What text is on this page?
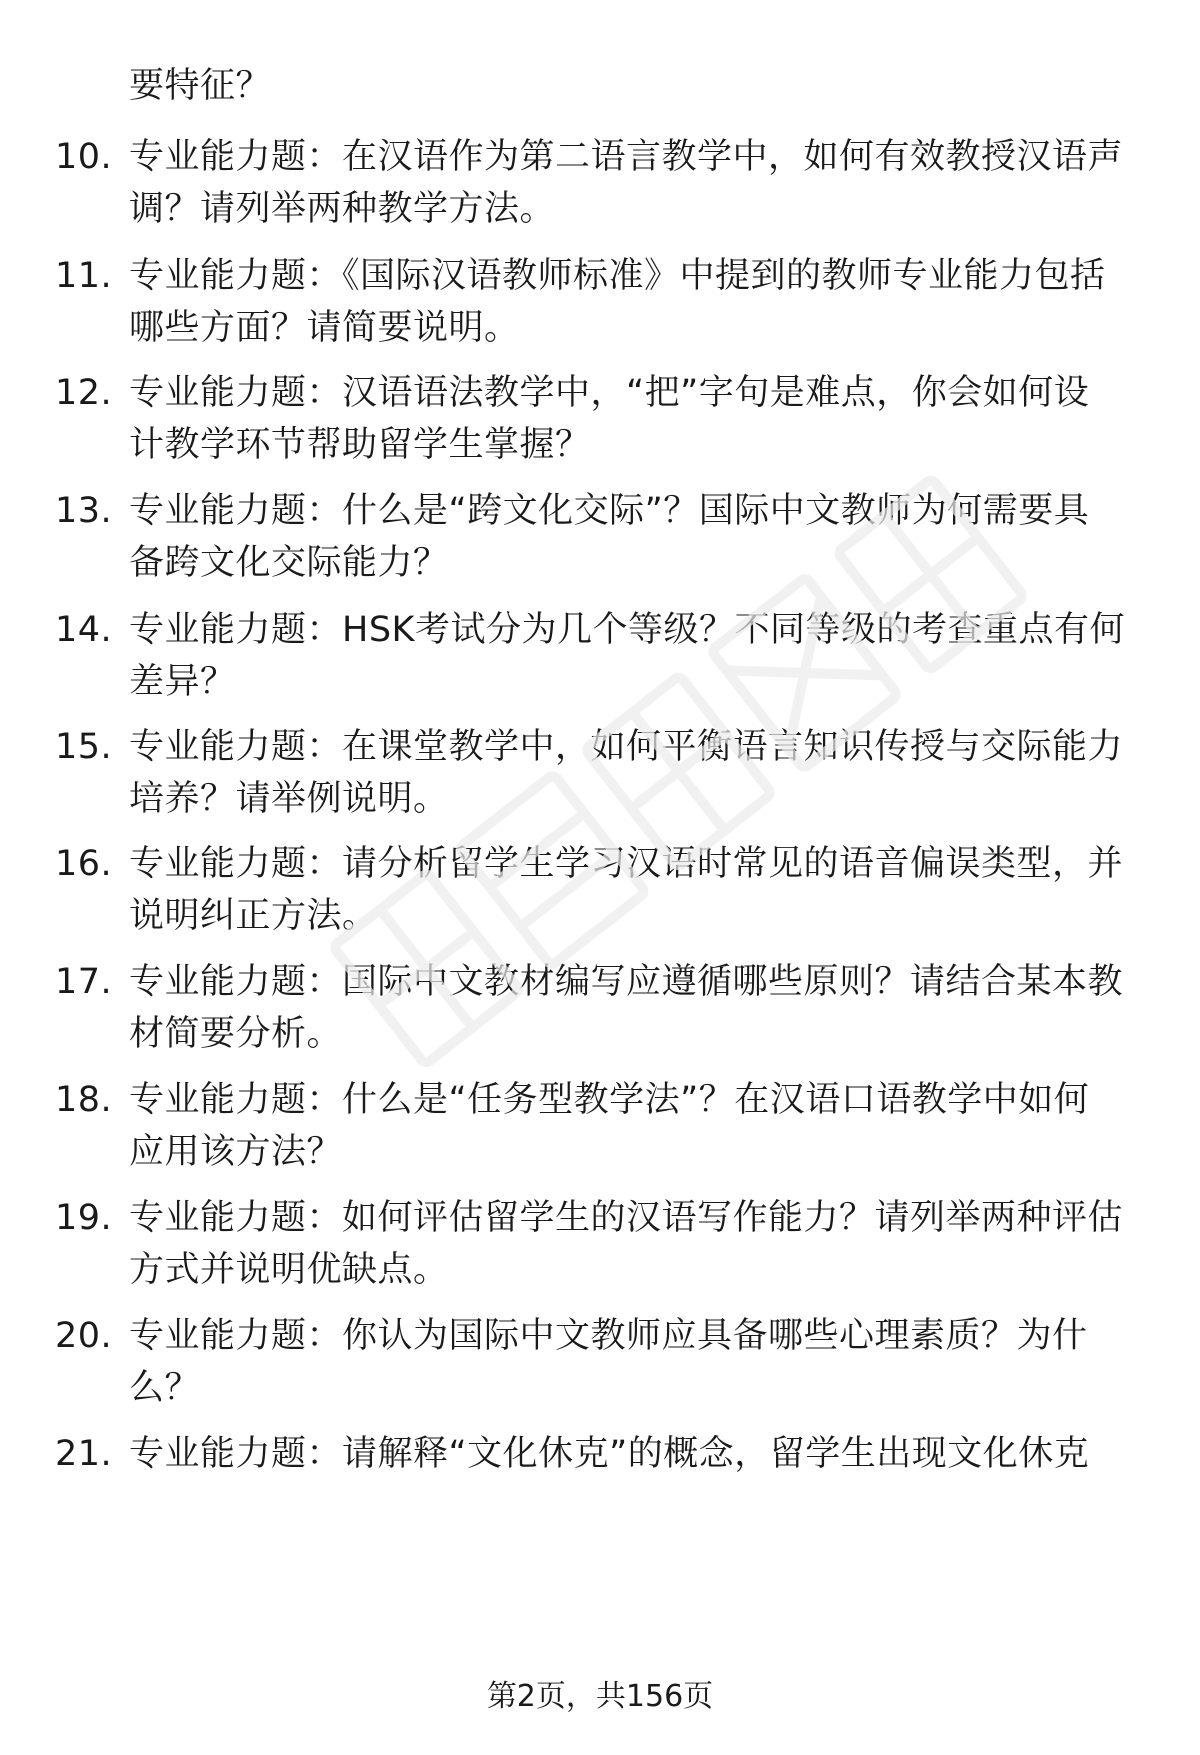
要特征？
10. 专业能力题：在汉语作为第二语言教学中，如何有效教授汉语声
调？请列举两种教学方法。
11. 专业能力题：《国际汉语教师标准》中提到的教师专业能力包括
哪些方面？请简要说明。
12. 专业能力题：汉语语法教学中，“把”字句是难点，你会如何设
计教学环节帮助留学生掌握？
13. 专业能力题：什么是“跨文化交际”？国际中文教师为何需要具
备跨文化交际能力？
14. 专业能力题：HSK考试分为几个等级？不同等级的考查重点有何
差异？
15. 专业能力题：在课堂教学中，如何平衡语言知识传授与交际能力
培养？请举例说明。
16. 专业能力题：请分析留学生学习汉语时常见的语音偏误类型，并
说明纠正方法。
17. 专业能力题：国际中文教材编写应遵循哪些原则？请结合某本教
材简要分析。
18. 专业能力题：什么是“任务型教学法”？在汉语口语教学中如何
应用该方法？
19. 专业能力题：如何评估留学生的汉语写作能力？请列举两种评估
方式并说明优缺点。
20. 专业能力题：你认为国际中文教师应具备哪些心理素质？为什
么？
21. 专业能力题：请解释“文化休克”的概念，留学生出现文化休克
第2页，共156页
